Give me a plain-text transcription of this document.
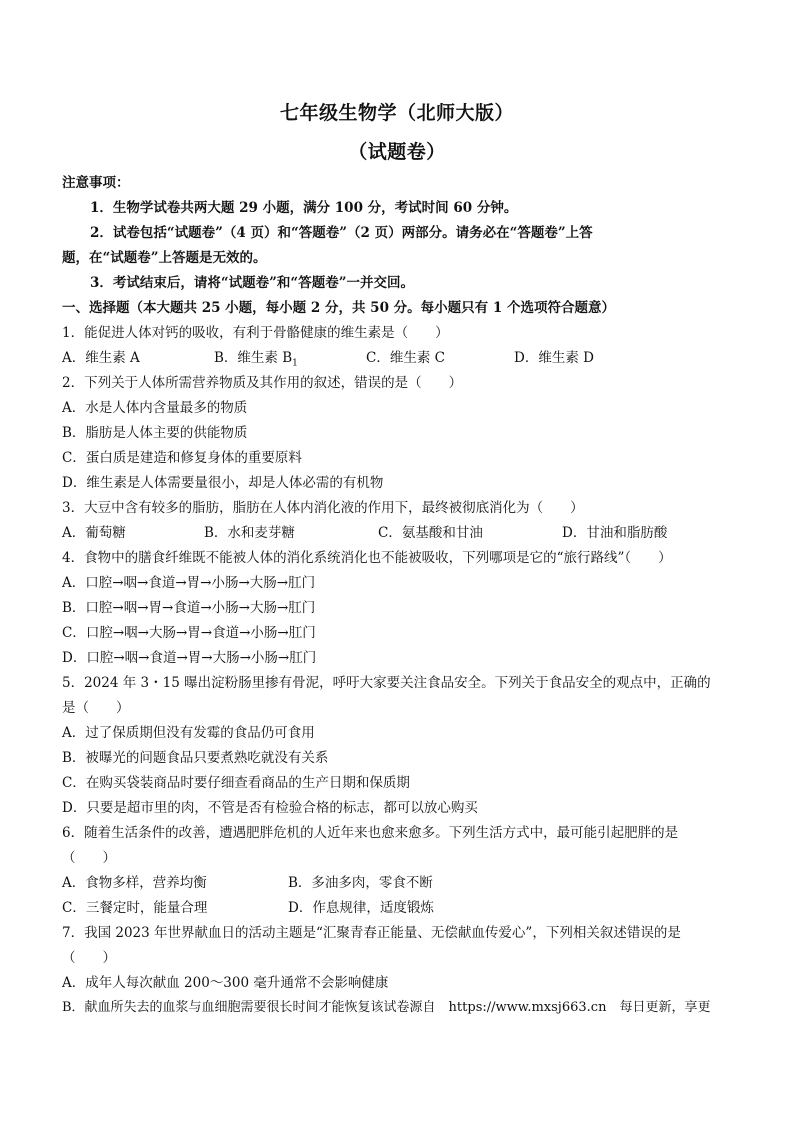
七年级生物学（北师大版）
（试题卷）
注意事项：
1．生物学试卷共两大题 29 小题，满分 100 分，考试时间 60 分钟。
2．试卷包括“试题卷”（4 页）和“答题卷”（2 页）两部分。请务必在“答题卷”上答
题，在“试题卷”上答题是无效的。
3．考试结束后，请将“试题卷”和“答题卷”一并交回。
一、选择题（本大题共 25 小题，每小题 2 分，共 50 分。每小题只有 1 个选项符合题意）
1．能促进人体对钙的吸收，有利于骨骼健康的维生素是（　　）
A．维生素 A	B．维生素 $B_1$	C．维生素 C	D．维生素 D
2．下列关于人体所需营养物质及其作用的叙述，错误的是（　　）
A．水是人体内含量最多的物质
B．脂肪是人体主要的供能物质
C．蛋白质是建造和修复身体的重要原料
D．维生素是人体需要量很小，却是人体必需的有机物
3．大豆中含有较多的脂肪，脂肪在人体内消化液的作用下，最终被彻底消化为（　　）
A．葡萄糖	B．水和麦芽糖	C．氨基酸和甘油	D．甘油和脂肪酸
4．食物中的膳食纤维既不能被人体的消化系统消化也不能被吸收，下列哪项是它的“旅行路线”（　　）
A．口腔→咽→食道→胃→小肠→大肠→肛门
B．口腔→咽→胃→食道→小肠→大肠→肛门
C．口腔→咽→大肠→胃→食道→小肠→肛门
D．口腔→咽→食道→胃→大肠→小肠→肛门
5．2024 年 3・15 曝出淀粉肠里掺有骨泥，呼吁大家要关注食品安全。下列关于食品安全的观点中，正确的
是（　　）
A．过了保质期但没有发霉的食品仍可食用
B．被曝光的问题食品只要煮熟吃就没有关系
C．在购买袋装商品时要仔细查看商品的生产日期和保质期
D．只要是超市里的肉，不管是否有检验合格的标志，都可以放心购买
6．随着生活条件的改善，遭遇肥胖危机的人近年来也愈来愈多。下列生活方式中，最可能引起肥胖的是
（　　）
A．食物多样，营养均衡	B．多油多肉，零食不断
C．三餐定时，能量合理	D．作息规律，适度锻炼
7．我国 2023 年世界献血日的活动主题是“汇聚青春正能量、无偿献血传爱心”，下列相关叙述错误的是
（　　）
A．成年人每次献血 200～300 毫升通常不会影响健康
B．献血所失去的血浆与血细胞需要很长时间才能恢复该试卷源自　https://www.mxsj663.cn　每日更新，享更
